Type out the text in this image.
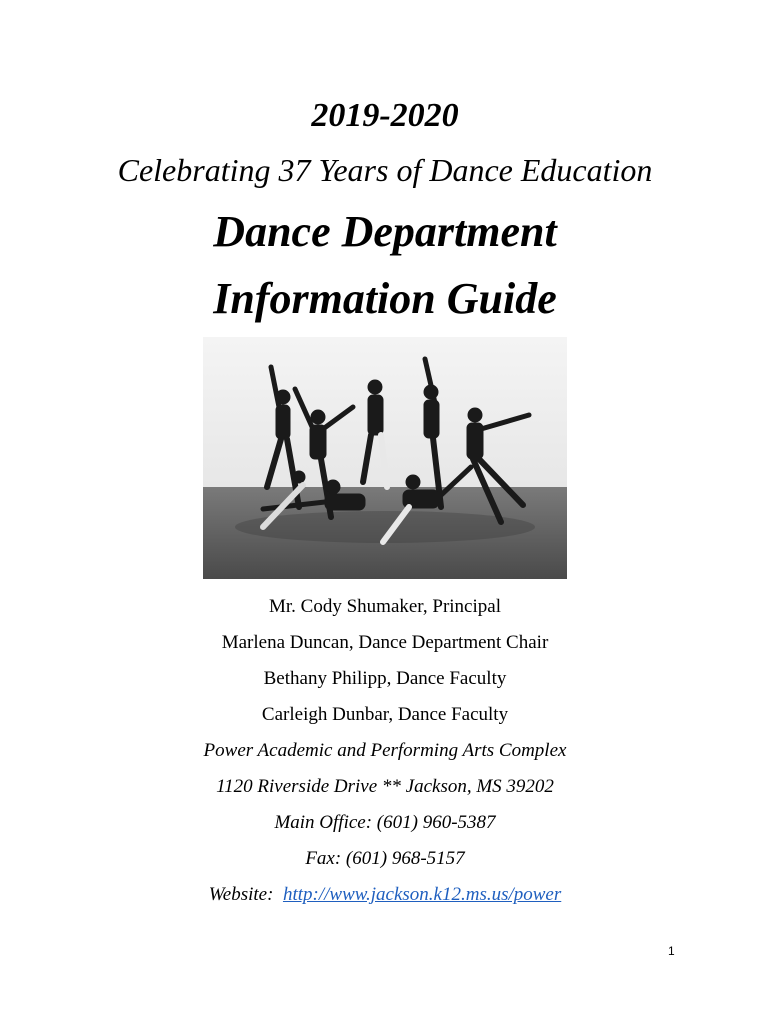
2019-2020
Celebrating 37 Years of Dance Education
Dance Department
Information Guide
Mr. Cody Shumaker, Principal
Marlena Duncan, Dance Department Chair
Bethany Philipp, Dance Faculty
Carleigh Dunbar, Dance Faculty
Power Academic and Performing Arts Complex
1120 Riverside Drive ** Jackson, MS 39202
Main Office: (601) 960-5387
Fax: (601) 968-5157
Website:  http://www.jackson.k12.ms.us/power
1
